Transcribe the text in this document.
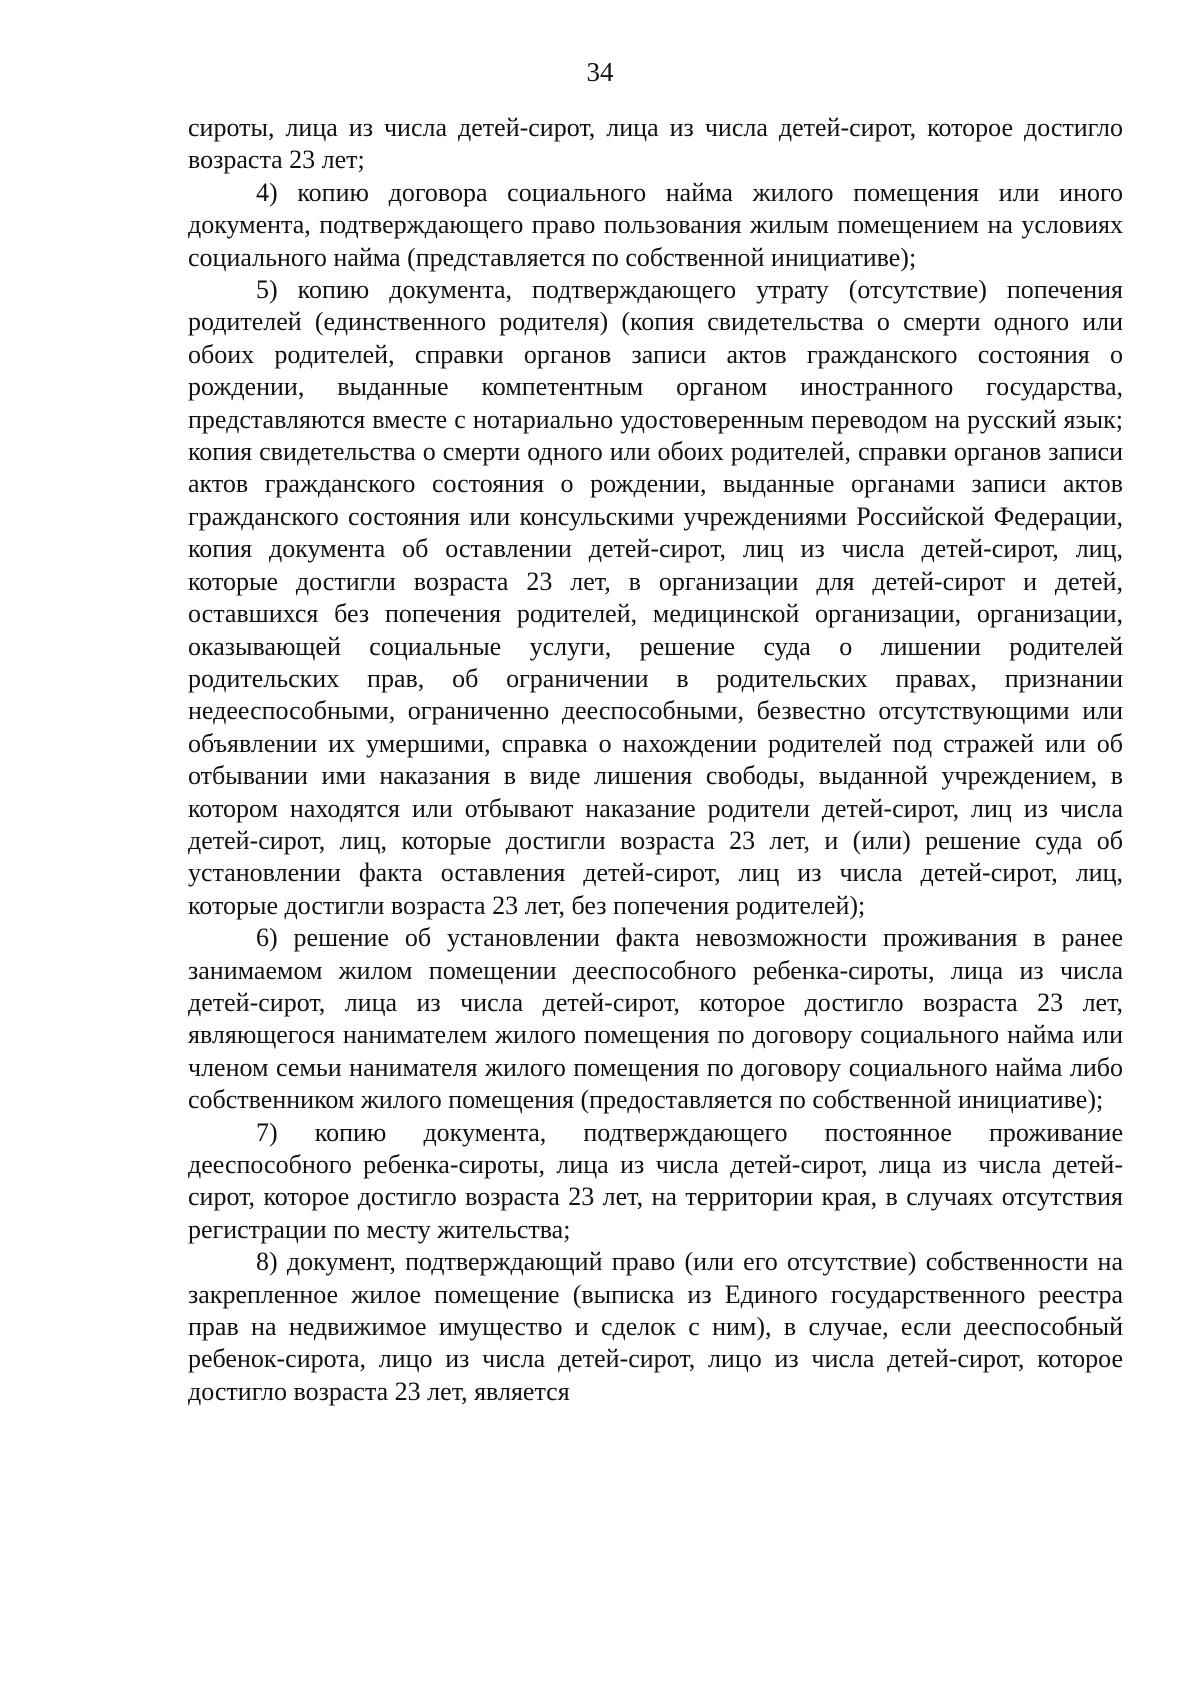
34

сироты, лица из числа детей-сирот, лица из числа детей-сирот, которое достигло возраста 23 лет;

4) копию договора социального найма жилого помещения или иного документа, подтверждающего право пользования жилым помещением на условиях социального найма (представляется по собственной инициативе);

5) копию документа, подтверждающего утрату (отсутствие) попечения родителей (единственного родителя) (копия свидетельства о смерти одного или обоих родителей, справки органов записи актов гражданского состояния о рождении, выданные компетентным органом иностранного государства, представляются вместе с нотариально удостоверенным переводом на русский язык; копия свидетельства о смерти одного или обоих родителей, справки органов записи актов гражданского состояния о рождении, выданные органами записи актов гражданского состояния или консульскими учреждениями Российской Федерации, копия документа об оставлении детей-сирот, лиц из числа детей-сирот, лиц, которые достигли возраста 23 лет, в организации для детей-сирот и детей, оставшихся без попечения родителей, медицинской организации, организации, оказывающей социальные услуги, решение суда о лишении родителей родительских прав, об ограничении в родительских правах, признании недееспособными, ограниченно дееспособными, безвестно отсутствующими или объявлении их умершими, справка о нахождении родителей под стражей или об отбывании ими наказания в виде лишения свободы, выданной учреждением, в котором находятся или отбывают наказание родители детей-сирот, лиц из числа детей-сирот, лиц, которые достигли возраста 23 лет, и (или) решение суда об установлении факта оставления детей-сирот, лиц из числа детей-сирот, лиц, которые достигли возраста 23 лет, без попечения родителей);

6) решение об установлении факта невозможности проживания в ранее занимаемом жилом помещении дееспособного ребенка-сироты, лица из числа детей-сирот, лица из числа детей-сирот, которое достигло возраста 23 лет, являющегося нанимателем жилого помещения по договору социального найма или членом семьи нанимателя жилого помещения по договору социального найма либо собственником жилого помещения (предоставляется по собственной инициативе);

7) копию документа, подтверждающего постоянное проживание дееспособного ребенка-сироты, лица из числа детей-сирот, лица из числа детей-сирот, которое достигло возраста 23 лет, на территории края, в случаях отсутствия регистрации по месту жительства;

8) документ, подтверждающий право (или его отсутствие) собственности на закрепленное жилое помещение (выписка из Единого государственного реестра прав на недвижимое имущество и сделок с ним), в случае, если дееспособный ребенок-сирота, лицо из числа детей-сирот, лицо из числа детей-сирот, которое достигло возраста 23 лет, является
